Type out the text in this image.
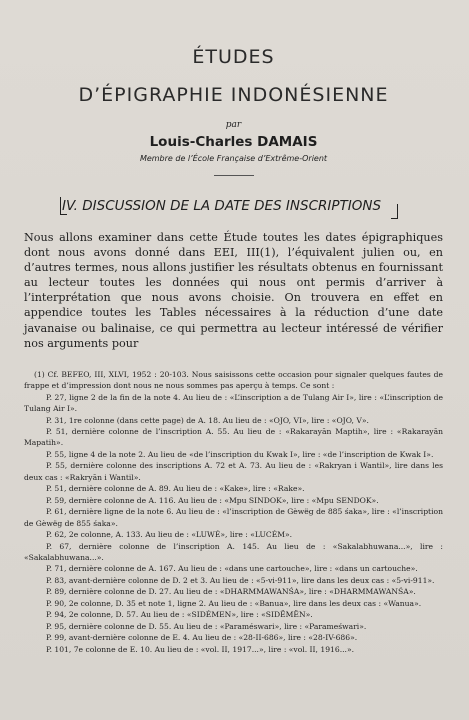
ÉTUDES
D’ÉPIGRAPHIE INDONÉSIENNE
par
Louis-Charles DAMAIS
Membre de l’École Française d’Extrême-Orient
IV. DISCUSSION DE LA DATE DES INSCRIPTIONS
Nous allons examiner dans cette Étude toutes les dates épigraphiques dont nous avons donné dans EEI, III(1), l’équivalent julien ou, en d’autres termes, nous allons justifier les résultats obtenus en fournissant au lecteur toutes les données qui nous ont permis d’arriver à l’interprétation que nous avons choisie. On trouvera en effet en appendice toutes les Tables nécessaires à la réduction d’une date javanaise ou balinaise, ce qui permettra au lecteur intéressé de vérifier nos arguments pour

(1) Cf. BEFEO, III, XLVI, 1952 : 20-103. Nous saisissons cette occasion pour signaler quelques fautes de frappe et d’impression dont nous ne nous sommes pas aperçu à temps. Ce sont :

P. 27, ligne 2 de la fin de la note 4. Au lieu de : «L’inscription a de Tulang Air I», lire : «L’inscription de Tulang Air I».

P. 31, 1re colonne (dans cette page) de A. 18. Au lieu de : «OJO, VI», lire : «OJO, V».

P. 51, dernière colonne de l’inscription A. 55. Au lieu de : «Rakarayān Maptih», lire : «Rakarayān Mapatih».

P. 55, ligne 4 de la note 2. Au lieu de «de l’inscription du Kwak I», lire : «de l’inscription de Kwak I».

P. 55, dernière colonne des inscriptions A. 72 et A. 73. Au lieu de : «Rakryan i Wantil», lire dans les deux cas : «Rakryān i Wantil».

P. 51, dernière colonne de A. 89. Au lieu de : «Kake», lire : «Rake».

P. 59, dernière colonne de A. 116. Au lieu de : «Mpu SINDOK», lire : «Mpu SENDOK».

P. 61, dernière ligne de la note 6. Au lieu de : «l’inscription de Gèwëg de 885 śaka», lire : «l’inscription de Gèwëg de 855 śaka».

P. 62, 2e colonne, A. 133. Au lieu de : «LUWÉ», lire : «LUCÉM».

P. 67, dernière colonne de l’inscription A. 145. Au lieu de : «Sakalabhuwana...», lire : «Sakalabhuwana...».

P. 71, dernière colonne de A. 167. Au lieu de : «dans une cartouche», lire : «dans un cartouche».

P. 83, avant-dernière colonne de D. 2 et 3. Au lieu de : «5-vi-911», lire dans les deux cas : «5-vi-911».

P. 89, dernière colonne de D. 27. Au lieu de : «DHARMMAWANŚA», lire : «DHARMMAWANŚA».

P. 90, 2e colonne, D. 35 et note 1, ligne 2. Au lieu de : «Banua», lire dans les deux cas : «Wanua».

P. 94, 2e colonne, D. 57. Au lieu de : «SIDÉMEN», lire : «SIDËMËN».

P. 95, dernière colonne de D. 55. Au lieu de : «Paraméswari», lire : «Parameśwari».

P. 99, avant-dernière colonne de E. 4. Au lieu de : «28-II-686», lire : «28-IV-686».

P. 101, 7e colonne de E. 10. Au lieu de : «vol. II, 1917...», lire : «vol. II, 1916...».
